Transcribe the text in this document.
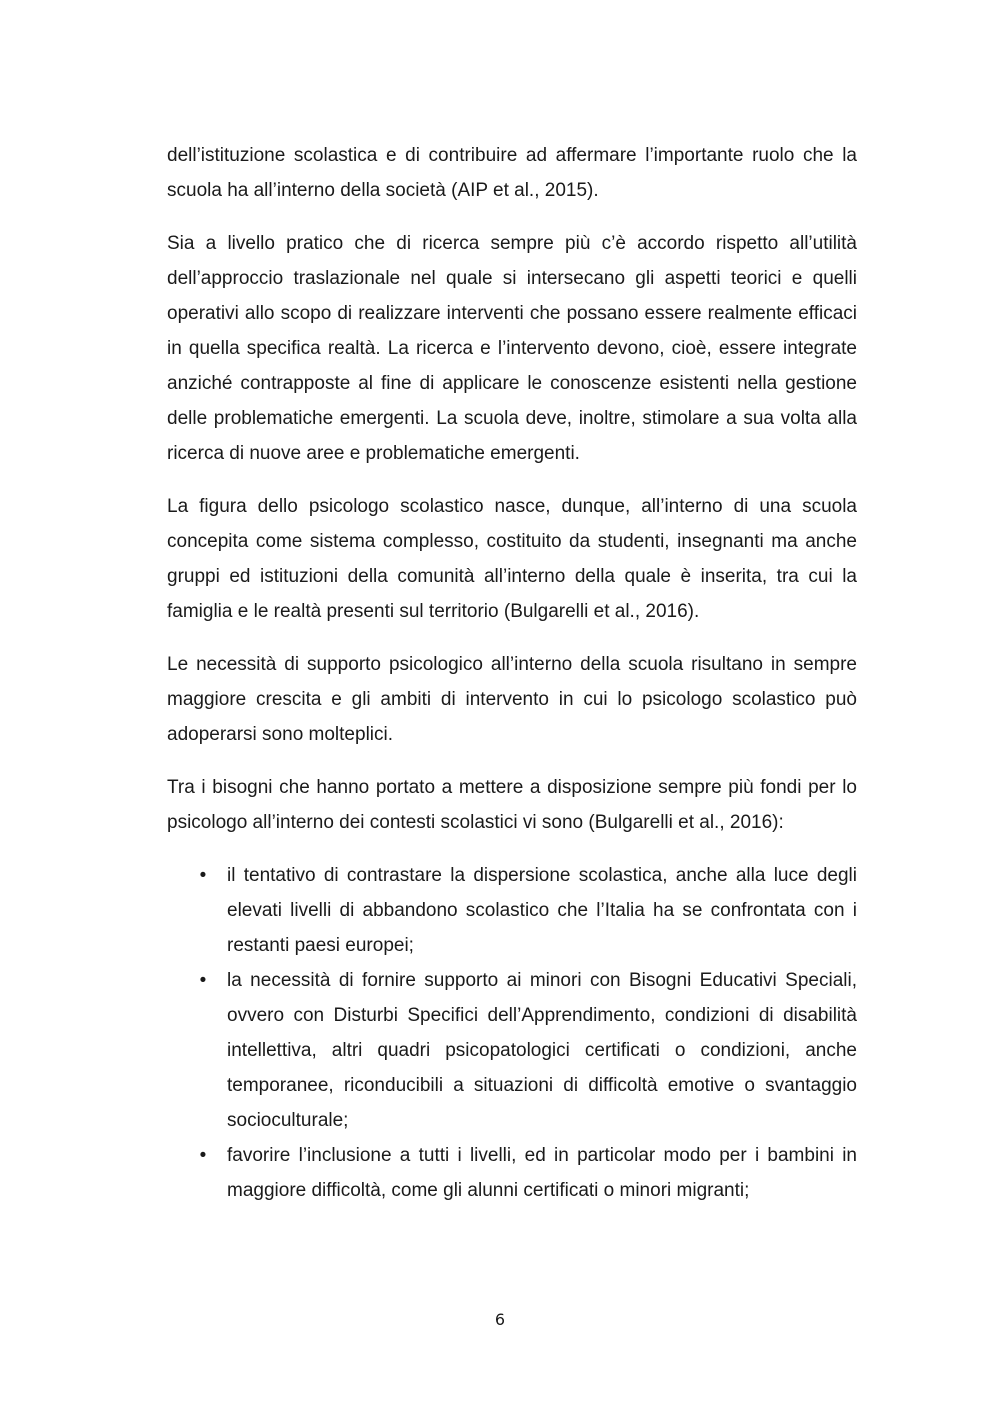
dell’istituzione scolastica e di contribuire ad affermare l’importante ruolo che la scuola ha all’interno della società (AIP et al., 2015).

Sia a livello pratico che di ricerca sempre più c’è accordo rispetto all’utilità dell’approccio traslazionale nel quale si intersecano gli aspetti teorici e quelli operativi allo scopo di realizzare interventi che possano essere realmente efficaci in quella specifica realtà. La ricerca e l’intervento devono, cioè, essere integrate anziché contrapposte al fine di applicare le conoscenze esistenti nella gestione delle problematiche emergenti. La scuola deve, inoltre, stimolare a sua volta alla ricerca di nuove aree e problematiche emergenti.

La figura dello psicologo scolastico nasce, dunque, all’interno di una scuola concepita come sistema complesso, costituito da studenti, insegnanti ma anche gruppi ed istituzioni della comunità all’interno della quale è inserita, tra cui la famiglia e le realtà presenti sul territorio (Bulgarelli et al., 2016).

Le necessità di supporto psicologico all’interno della scuola risultano in sempre maggiore crescita e gli ambiti di intervento in cui lo psicologo scolastico può adoperarsi sono molteplici.

Tra i bisogni che hanno portato a mettere a disposizione sempre più fondi per lo psicologo all’interno dei contesti scolastici vi sono (Bulgarelli et al., 2016):

• il tentativo di contrastare la dispersione scolastica, anche alla luce degli elevati livelli di abbandono scolastico che l’Italia ha se confrontata con i restanti paesi europei;
• la necessità di fornire supporto ai minori con Bisogni Educativi Speciali, ovvero con Disturbi Specifici dell’Apprendimento, condizioni di disabilità intellettiva, altri quadri psicopatologici certificati o condizioni, anche temporanee, riconducibili a situazioni di difficoltà emotive o svantaggio socioculturale;
• favorire l’inclusione a tutti i livelli, ed in particolar modo per i bambini in maggiore difficoltà, come gli alunni certificati o minori migranti;
6
